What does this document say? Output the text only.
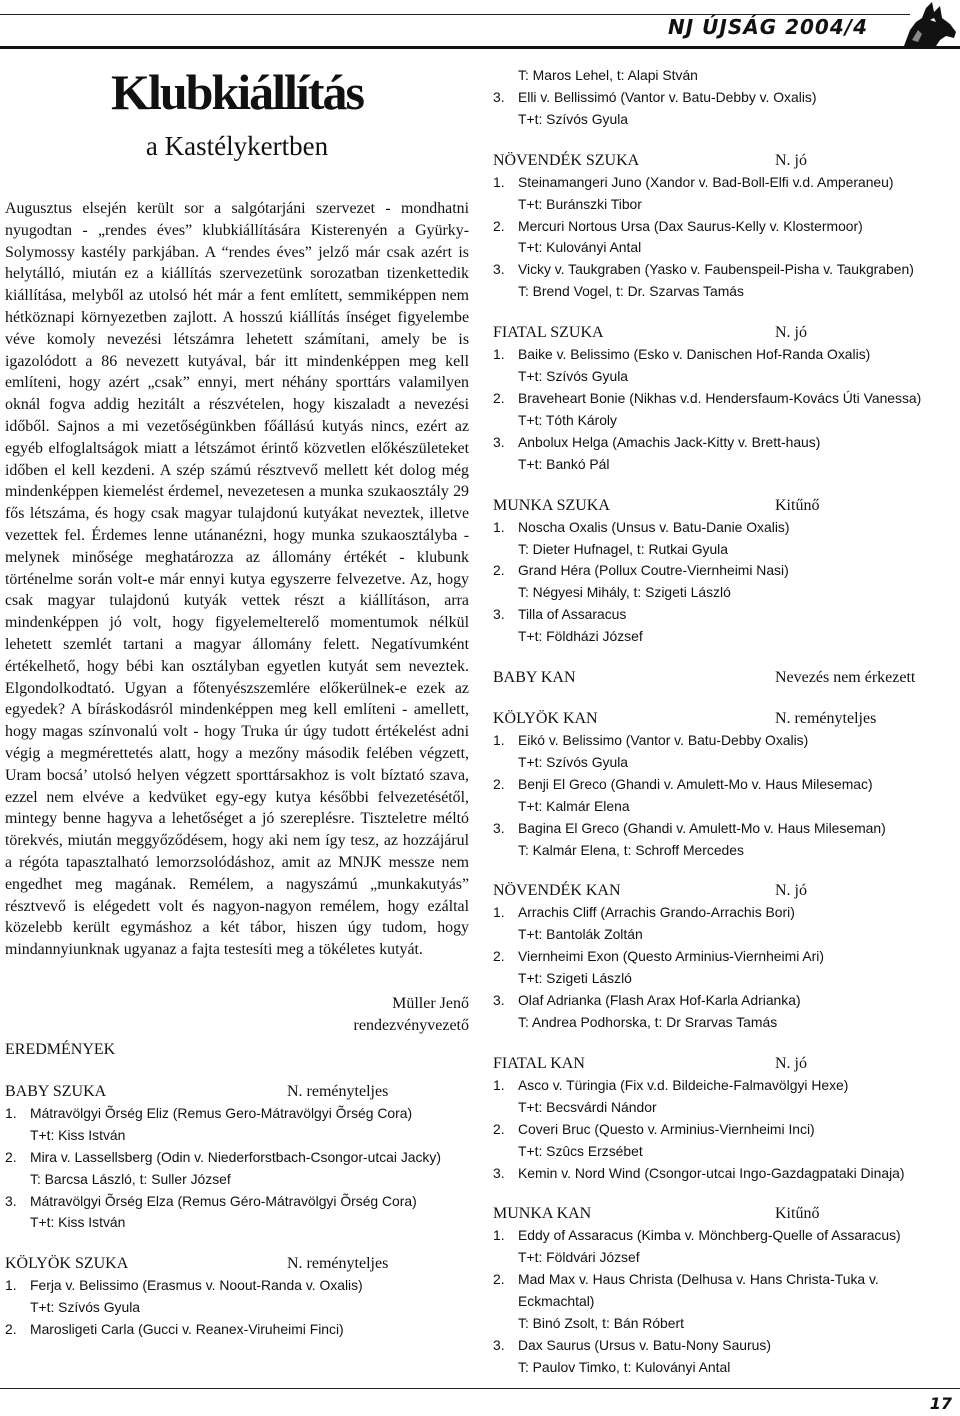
NJ ÚJSÁG 2004/4
Klubkiállítás
a Kastélykertben
Augusztus elsején került sor a salgótarjáni szervezet - mondhatni nyugodtan - „rendes éves” klubkiállítására Kisterenyén a Gyürky-Solymossy kastély parkjában. A “rendes éves” jelző már csak azért is helytálló, miután ez a kiállítás szervezetünk sorozatban tizenkettedik kiállítása, melyből az utolsó hét már a fent említett, semmiképpen nem hétköznapi környezetben zajlott. A hosszú kiállítás ínséget figyelembe véve komoly nevezési létszámra lehetett számítani, amely be is igazolódott a 86 nevezett kutyával, bár itt mindenképpen meg kell említeni, hogy azért „csak” ennyi, mert néhány sporttárs valamilyen oknál fogva addig hezitált a részvételen, hogy kiszaladt a nevezési időből. Sajnos a mi vezetőségünkben főállású kutyás nincs, ezért az egyéb elfoglaltságok miatt a létszámot érintő közvetlen előkészületeket időben el kell kezdeni. A szép számú résztvevő mellett két dolog még mindenképpen kiemelést érdemel, nevezetesen a munka szukaosztály 29 fős létszáma, és hogy csak magyar tulajdonú kutyákat neveztek, illetve vezettek fel. Érdemes lenne utánanézni, hogy munka szukaosztályba - melynek minősége meghatározza az állomány értékét - klubunk történelme során volt-e már ennyi kutya egyszerre felvezetve. Az, hogy csak magyar tulajdonú kutyák vettek részt a kiállításon, arra mindenképpen jó volt, hogy figyelemelterelő momentumok nélkül lehetett szemlét tartani a magyar állomány felett. Negatívumként értékelhető, hogy bébi kan osztályban egyetlen kutyát sem neveztek. Elgondolkodtató. Ugyan a főtenyészszemlére előkerülnek-e ezek az egyedek? A bíráskodásról mindenképpen meg kell említeni - amellett, hogy magas színvonalú volt - hogy Truka úr úgy tudott értékelést adni végig a megmérettetés alatt, hogy a mezőny második felében végzett, Uram bocsá’ utolsó helyen végzett sporttársakhoz is volt bíztató szava, ezzel nem elvéve a kedvüket egy-egy kutya későbbi felvezetésétől, mintegy benne hagyva a lehetőséget a jó szereplésre. Tiszteletre méltó törekvés, miután meggyőződésem, hogy aki nem így tesz, az hozzájárul a régóta tapasztalható lemorzsolódáshoz, amit az MNJK messze nem engedhet meg magának. Remélem, a nagyszámú „munkakutyás” résztvevő is elégedett volt és nagyon-nagyon remélem, hogy ezáltal közelebb került egymáshoz a két tábor, hiszen úgy tudom, hogy mindannyiunknak ugyanaz a fajta testesíti meg a tökéletes kutyát.
Müller Jenő
rendezvényvezető
EREDMÉNYEK
BABY SZUKA	N. reményteljes
1. Mátravölgyi Õrség Eliz (Remus Gero-Mátravölgyi Õrség Cora)
T+t: Kiss István
2. Mira v. Lassellsberg (Odin v. Niederforstbach-Csongor-utcai Jacky)
T: Barcsa László, t: Suller József
3. Mátravölgyi Õrség Elza (Remus Géro-Mátravölgyi Õrség Cora)
T+t: Kiss István
KÖLYÖK SZUKA	N. reményteljes
1. Ferja v. Belissimo (Erasmus v. Noout-Randa v. Oxalis)
T+t: Szívós Gyula
2. Marosligeti Carla (Gucci v. Reanex-Viruheimi Finci)
T: Maros Lehel, t: Alapi Stván
3. Elli v. Bellissimó (Vantor v. Batu-Debby v. Oxalis)
T+t: Szívós Gyula
NÖVENDÉK SZUKA	N. jó
1. Steinamangeri Juno (Xandor v. Bad-Boll-Elfi v.d. Amperaneu)
T+t: Buránszki Tibor
2. Mercuri Nortous Ursa (Dax Saurus-Kelly v. Klostermoor)
T+t: Kuloványi Antal
3. Vicky v. Taukgraben (Yasko v. Faubenspeil-Pisha v. Taukgraben)
T: Brend Vogel, t: Dr. Szarvas Tamás
FIATAL SZUKA	N. jó
1. Baike v. Belissimo (Esko v. Danischen Hof-Randa Oxalis)
T+t: Szívós Gyula
2. Braveheart Bonie (Nikhas v.d. Hendersfaum-Kovács Úti Vanessa)
T+t: Tóth Károly
3. Anbolux Helga (Amachis Jack-Kitty v. Brett-haus)
T+t: Bankó Pál
MUNKA SZUKA	Kitűnő
1. Noscha Oxalis (Unsus v. Batu-Danie Oxalis)
T: Dieter Hufnagel, t: Rutkai Gyula
2. Grand Héra (Pollux Coutre-Viernheimi Nasi)
T: Négyesi Mihály, t: Szigeti László
3. Tilla of Assaracus
T+t: Földházi József
BABY KAN	Nevezés nem érkezett
KÖLYÖK KAN	N. reményteljes
1. Eikó v. Belissimo (Vantor v. Batu-Debby Oxalis)
T+t: Szívós Gyula
2. Benji El Greco (Ghandi v. Amulett-Mo v. Haus Milesemac)
T+t: Kalmár Elena
3. Bagina El Greco (Ghandi v. Amulett-Mo v. Haus Mileseman)
T: Kalmár Elena, t: Schroff Mercedes
NÖVENDÉK KAN	N. jó
1. Arrachis Cliff (Arrachis Grando-Arrachis Bori)
T+t: Bantolák Zoltán
2. Viernheimi Exon (Questo Arminius-Viernheimi Ari)
T+t: Szigeti László
3. Olaf Adrianka (Flash Arax Hof-Karla Adrianka)
T: Andrea Podhorska, t: Dr Srarvas Tamás
FIATAL KAN	N. jó
1. Asco v. Türingia (Fix v.d. Bildeiche-Falmavölgyi Hexe)
T+t: Becsvárdi Nándor
2. Coveri Bruc (Questo v. Arminius-Viernheimi Inci)
T+t: Szûcs Erzsébet
3. Kemin v. Nord Wind (Csongor-utcai Ingo-Gazdagpataki Dinaja)
MUNKA KAN	Kitűnő
1. Eddy of Assaracus (Kimba v. Mönchberg-Quelle of Assaracus)
T+t: Földvári József
2. Mad Max v. Haus Christa (Delhusa v. Hans Christa-Tuka v. Eckmachtal)
T: Binó Zsolt, t: Bán Róbert
3. Dax Saurus (Ursus v. Batu-Nony Saurus)
T: Paulov Timko, t: Kuloványi Antal
17
